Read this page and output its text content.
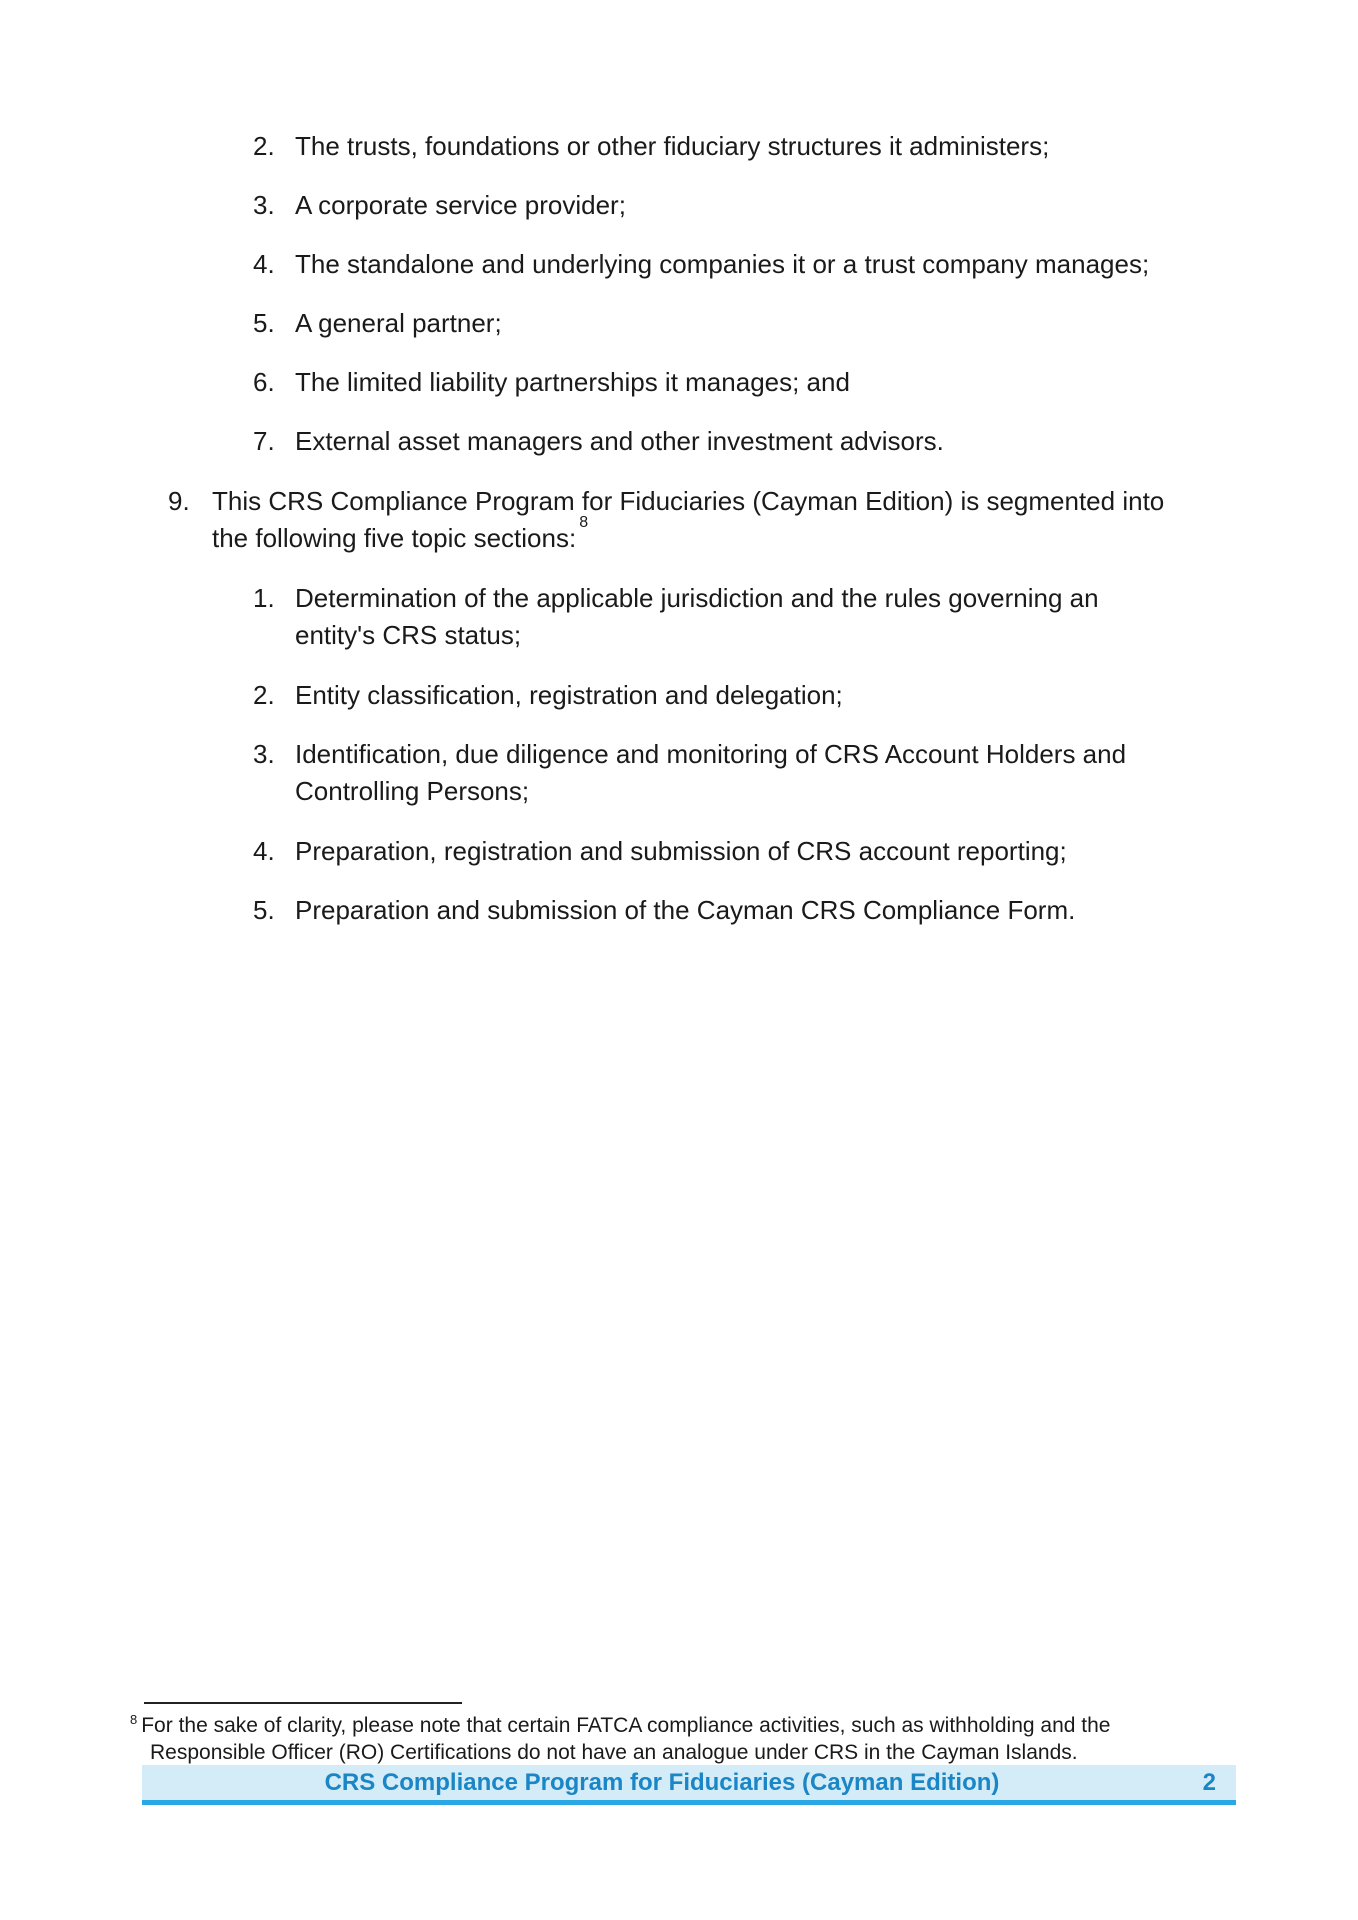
2. The trusts, foundations or other fiduciary structures it administers;
3. A corporate service provider;
4. The standalone and underlying companies it or a trust company manages;
5. A general partner;
6. The limited liability partnerships it manages; and
7. External asset managers and other investment advisors.
9. This CRS Compliance Program for Fiduciaries (Cayman Edition) is segmented into
the following five topic sections:$^8$
1. Determination of the applicable jurisdiction and the rules governing an
entity's CRS status;
2. Entity classification, registration and delegation;
3. Identification, due diligence and monitoring of CRS Account Holders and
Controlling Persons;
4. Preparation, registration and submission of CRS account reporting;
5. Preparation and submission of the Cayman CRS Compliance Form.
$^8$ For the sake of clarity, please note that certain FATCA compliance activities, such as withholding and the
Responsible Officer (RO) Certifications do not have an analogue under CRS in the Cayman Islands.
CRS Compliance Program for Fiduciaries (Cayman Edition)	2
